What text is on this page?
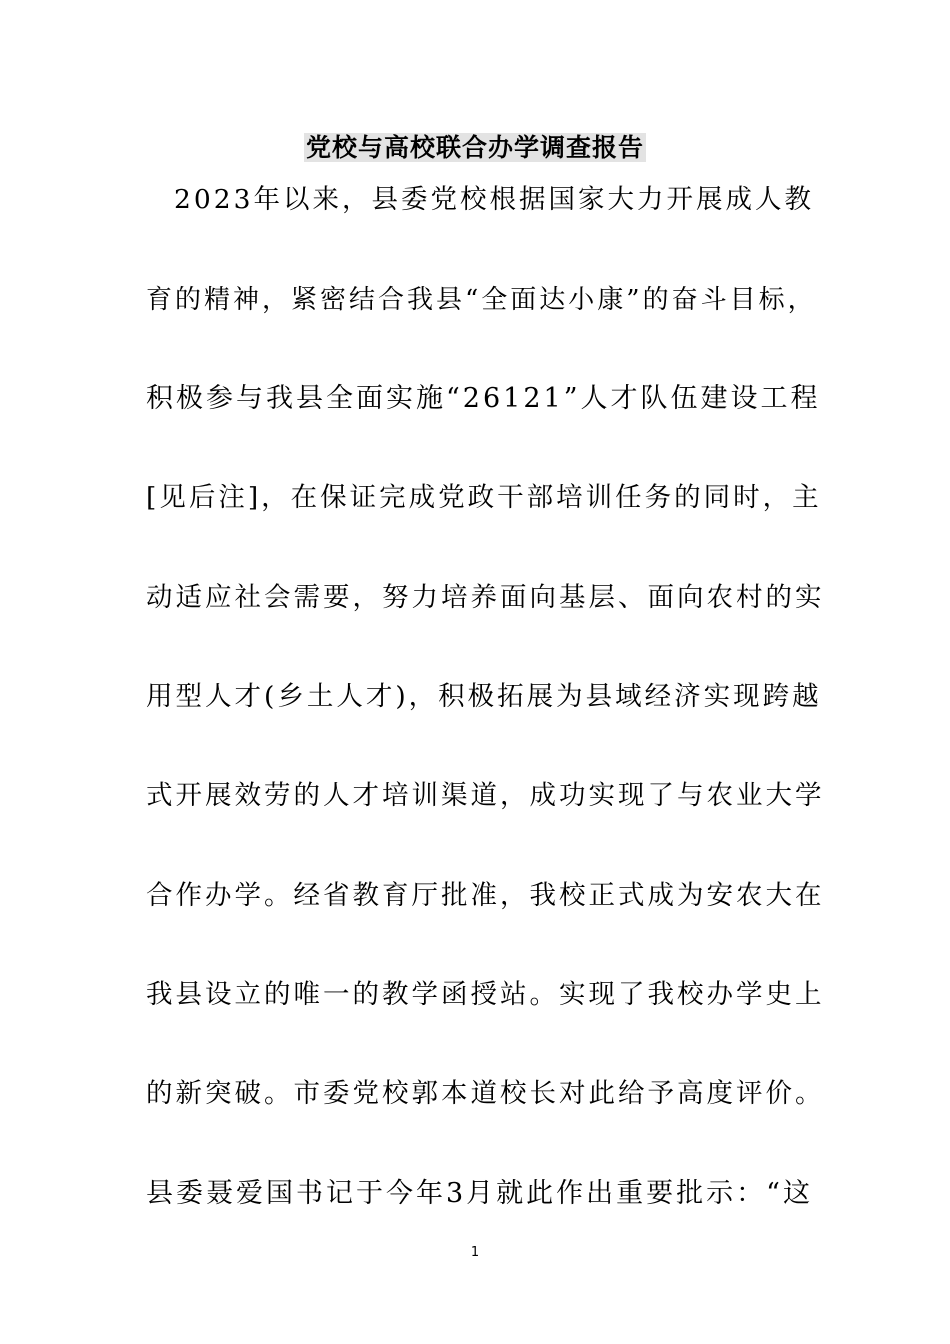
党校与高校联合办学调查报告
2023年以来，县委党校根据国家大力开展成人教
育的精神，紧密结合我县“全面达小康”的奋斗目标，
积极参与我县全面实施“26121”人才队伍建设工程
[见后注]，在保证完成党政干部培训任务的同时，主
动适应社会需要，努力培养面向基层、面向农村的实
用型人才(乡土人才)，积极拓展为县域经济实现跨越
式开展效劳的人才培训渠道，成功实现了与农业大学
合作办学。经省教育厅批准，我校正式成为安农大在
我县设立的唯一的教学函授站。实现了我校办学史上
的新突破。市委党校郭本道校长对此给予高度评价。
县委聂爱国书记于今年3月就此作出重要批示：“这
1
